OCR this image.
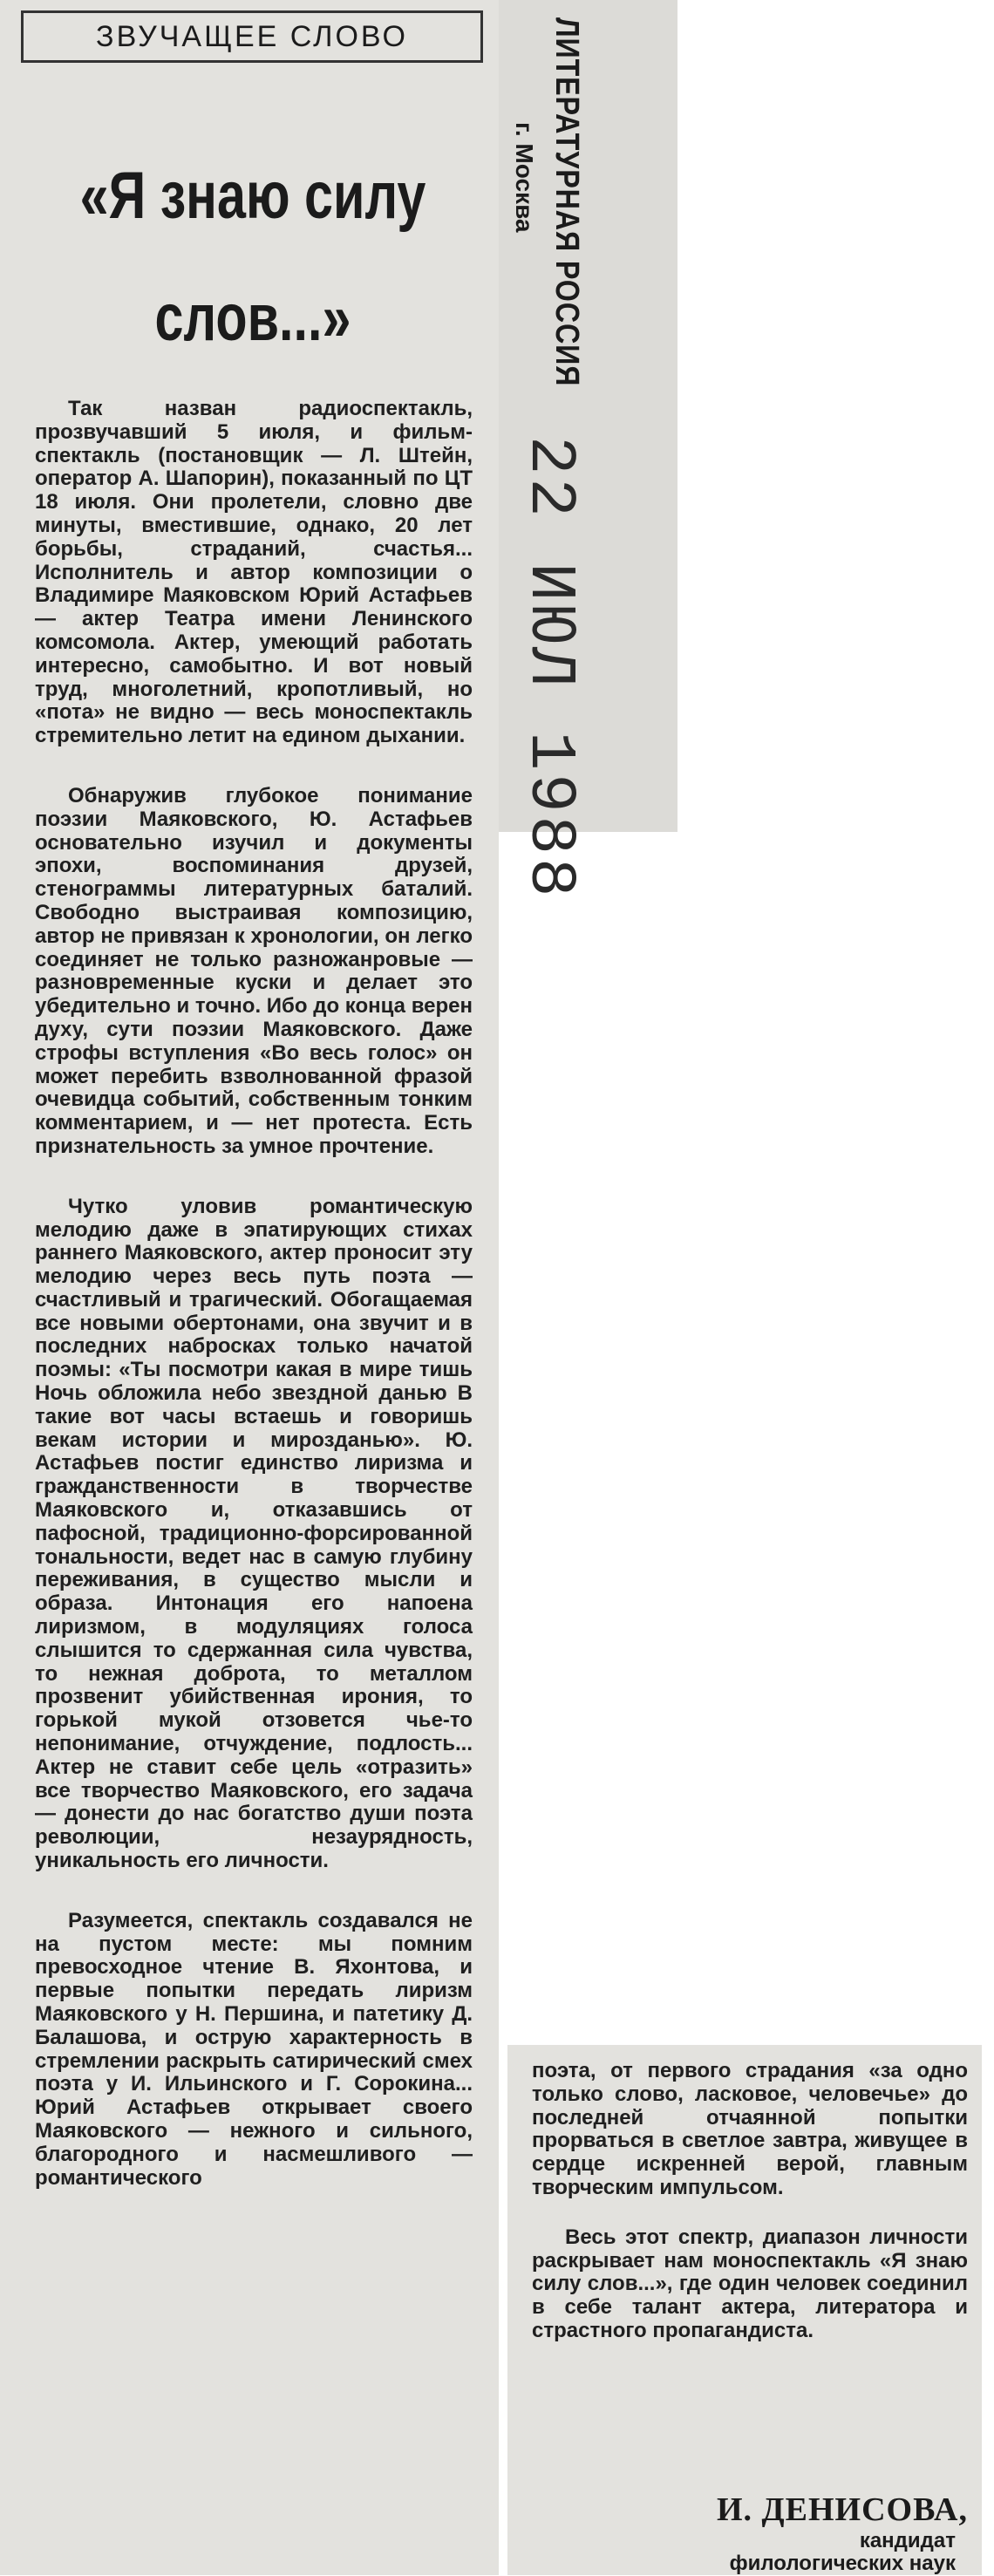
ЗВУЧАЩЕЕ СЛОВО
«Я знаю силу
слов...»

Так назван радиоспектакль, прозвучавший 5 июля, и фильм-спектакль (постановщик — Л. Штейн, оператор А. Шапорин), показанный по ЦТ 18 июля. Они пролетели, словно две минуты, вместившие, однако, 20 лет борьбы, страданий, счастья... Исполнитель и автор композиции о Владимире Маяковском Юрий Астафьев — актер Театра имени Ленинского комсомола. Актер, умеющий работать интересно, самобытно. И вот новый труд, многолетний, кропотливый, но «пота» не видно — весь моноспектакль стремительно летит на едином дыхании.

Обнаружив глубокое понимание поэзии Маяковского, Ю. Астафьев основательно изучил и документы эпохи, воспоминания друзей, стенограммы литературных баталий. Свободно выстраивая композицию, автор не привязан к хронологии, он легко соединяет не только разножанровые — разновременные куски и делает это убедительно и точно. Ибо до конца верен духу, сути поэзии Маяковского. Даже строфы вступления «Во весь голос» он может перебить взволнованной фразой очевидца событий, собственным тонким комментарием, и — нет протеста. Есть признательность за умное прочтение.

Чутко уловив романтическую мелодию даже в эпатирующих стихах раннего Маяковского, актер проносит эту мелодию через весь путь поэта — счастливый и трагический. Обогащаемая все новыми обертонами, она звучит и в последних набросках только начатой поэмы: «Ты посмотри какая в мире тишь Ночь обложила небо звездной данью В такие вот часы встаешь и говоришь векам истории и мирозданью». Ю. Астафьев постиг единство лиризма и гражданственности в творчестве Маяковского и, отказавшись от пафосной, традиционно-форсированной тональности, ведет нас в самую глубину переживания, в существо мысли и образа. Интонация его напоена лиризмом, в модуляциях голоса слышится то сдержанная сила чувства, то нежная доброта, то металлом прозвенит убийственная ирония, то горькой мукой отзовется чье-то непонимание, отчуждение, подлость... Актер не ставит себе цель «отразить» все творчество Маяковского, его задача — донести до нас богатство души поэта революции, незаурядность, уникальность его личности.

Разумеется, спектакль создавался не на пустом месте: мы помним превосходное чтение В. Яхонтова, и первые попытки передать лиризм Маяковского у Н. Першина, и патетику Д. Балашова, и острую характерность в стремлении раскрыть сатирический смех поэта у И. Ильинского и Г. Сорокина... Юрий Астафьев открывает своего Маяковского — нежного и сильного, благородного и насмешливого — романтического

ЛИТЕРАТУРНАЯ РОССИЯ
г. Москва
22 ИЮЛ 1988

поэта, от первого страдания «за одно только слово, ласковое, человечье» до последней отчаянной попытки прорваться в светлое завтра, живущее в сердце искренней верой, главным творческим импульсом.

Весь этот спектр, диапазон личности раскрывает нам моноспектакль «Я знаю силу слов...», где один человек соединил в себе талант актера, литератора и страстного пропагандиста.

И. ДЕНИСОВА,
кандидат
филологических наук
